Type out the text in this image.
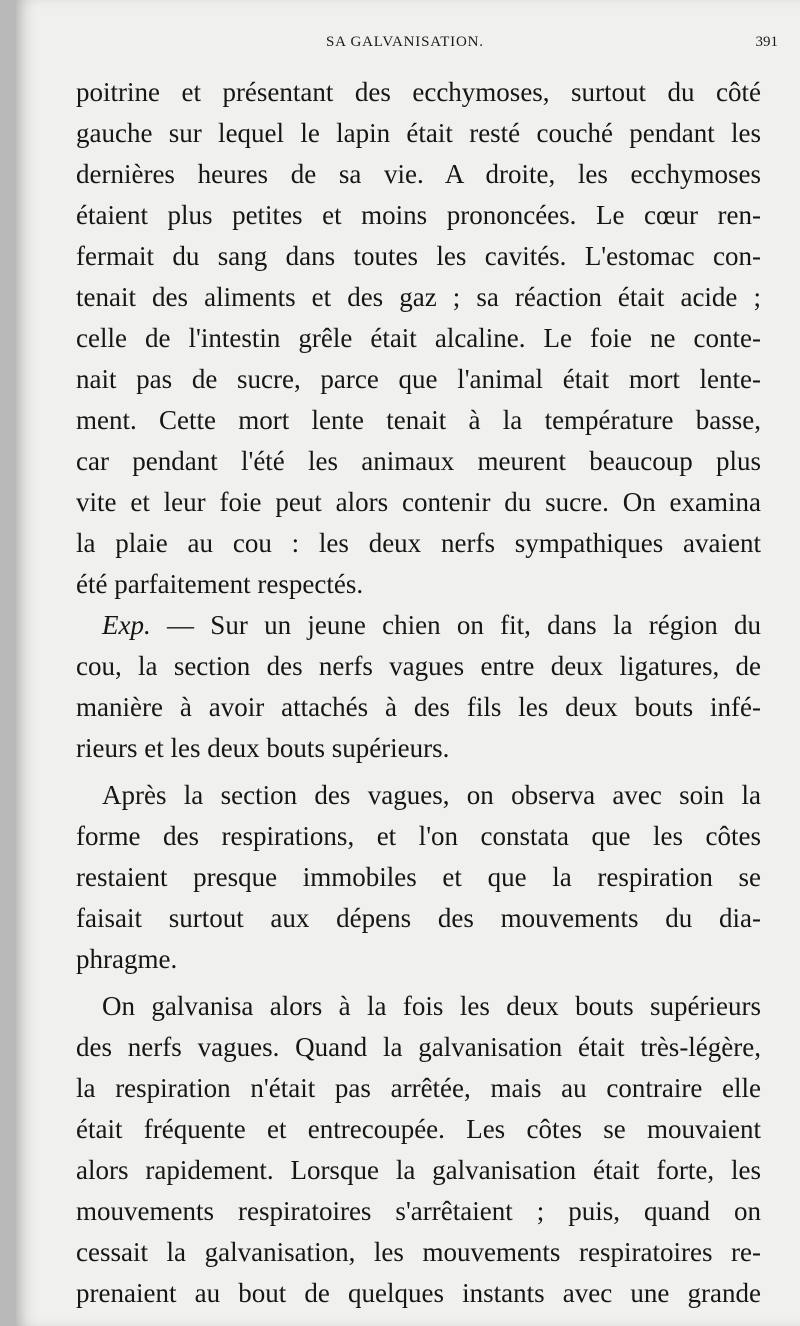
SA GALVANISATION.	391
poitrine et présentant des ecchymoses, surtout du côté
gauche sur lequel le lapin était resté couché pendant les
dernières heures de sa vie. A droite, les ecchymoses
étaient plus petites et moins prononcées. Le cœur ren-
fermait du sang dans toutes les cavités. L'estomac con-
tenait des aliments et des gaz ; sa réaction était acide ;
celle de l'intestin grêle était alcaline. Le foie ne conte-
nait pas de sucre, parce que l'animal était mort lente-
ment. Cette mort lente tenait à la température basse,
car pendant l'été les animaux meurent beaucoup plus
vite et leur foie peut alors contenir du sucre. On examina
la plaie au cou : les deux nerfs sympathiques avaient
été parfaitement respectés.
Exp. — Sur un jeune chien on fit, dans la région du
cou, la section des nerfs vagues entre deux ligatures, de
manière à avoir attachés à des fils les deux bouts infé-
rieurs et les deux bouts supérieurs.
Après la section des vagues, on observa avec soin la
forme des respirations, et l'on constata que les côtes
restaient presque immobiles et que la respiration se
faisait surtout aux dépens des mouvements du dia-
phragme.
On galvanisa alors à la fois les deux bouts supérieurs
des nerfs vagues. Quand la galvanisation était très-légère,
la respiration n'était pas arrêtée, mais au contraire elle
était fréquente et entrecoupée. Les côtes se mouvaient
alors rapidement. Lorsque la galvanisation était forte, les
mouvements respiratoires s'arrêtaient ; puis, quand on
cessait la galvanisation, les mouvements respiratoires re-
prenaient au bout de quelques instants avec une grande
